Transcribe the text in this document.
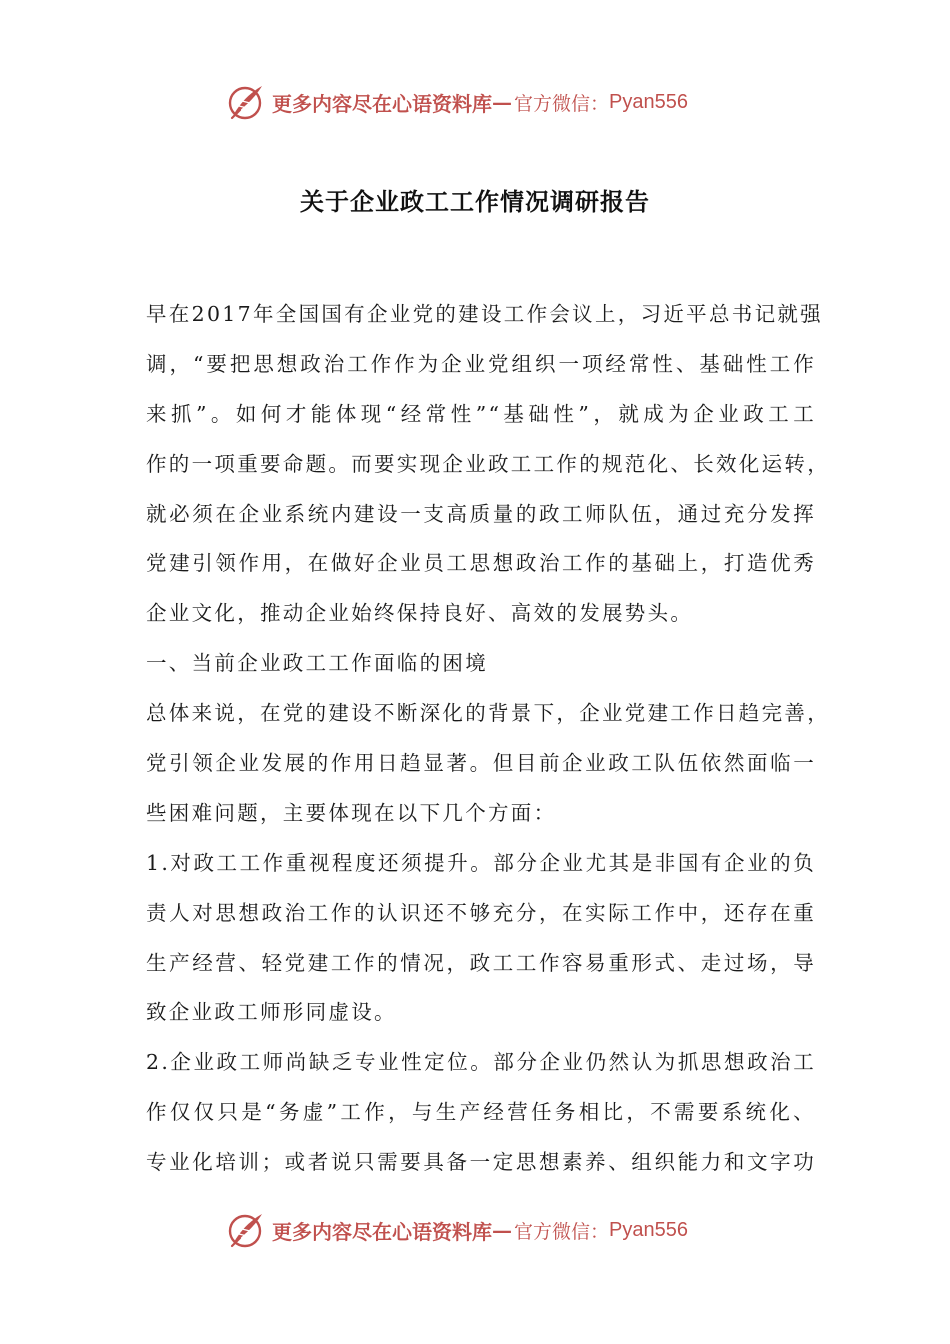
更多内容尽在心语资料库 — 官方微信： Pyan556
关于企业政工工作情况调研报告
早在2017年全国国有企业党的建设工作会议上，习近平总书记就强
调，“要把思想政治工作作为企业党组织一项经常性、基础性工作
来抓”。如何才能体现“经常性”“基础性”，就成为企业政工工
作的一项重要命题。而要实现企业政工工作的规范化、长效化运转，
就必须在企业系统内建设一支高质量的政工师队伍，通过充分发挥
党建引领作用，在做好企业员工思想政治工作的基础上，打造优秀
企业文化，推动企业始终保持良好、高效的发展势头。
一、当前企业政工工作面临的困境
总体来说，在党的建设不断深化的背景下，企业党建工作日趋完善，
党引领企业发展的作用日趋显著。但目前企业政工队伍依然面临一
些困难问题，主要体现在以下几个方面：
1.对政工工作重视程度还须提升。部分企业尤其是非国有企业的负
责人对思想政治工作的认识还不够充分，在实际工作中，还存在重
生产经营、轻党建工作的情况，政工工作容易重形式、走过场，导
致企业政工师形同虚设。
2.企业政工师尚缺乏专业性定位。部分企业仍然认为抓思想政治工
作仅仅只是“务虚”工作，与生产经营任务相比，不需要系统化、
专业化培训；或者说只需要具备一定思想素养、组织能力和文字功
更多内容尽在心语资料库 — 官方微信： Pyan556
